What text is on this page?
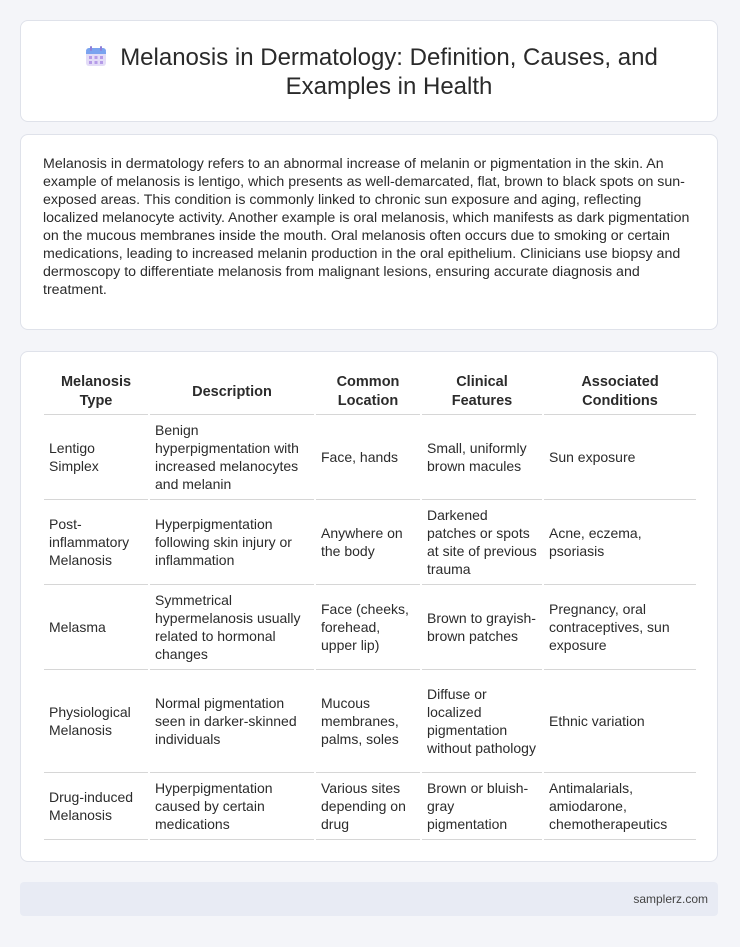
Melanosis in Dermatology: Definition, Causes, and Examples in Health

Melanosis in dermatology refers to an abnormal increase of melanin or pigmentation in the skin. An example of melanosis is lentigo, which presents as well-demarcated, flat, brown to black spots on sun-exposed areas. This condition is commonly linked to chronic sun exposure and aging, reflecting localized melanocyte activity. Another example is oral melanosis, which manifests as dark pigmentation on the mucous membranes inside the mouth. Oral melanosis often occurs due to smoking or certain medications, leading to increased melanin production in the oral epithelium. Clinicians use biopsy and dermoscopy to differentiate melanosis from malignant lesions, ensuring accurate diagnosis and treatment.

Melanosis Type	Description	Common Location	Clinical Features	Associated Conditions
Lentigo Simplex	Benign hyperpigmentation with increased melanocytes and melanin	Face, hands	Small, uniformly brown macules	Sun exposure
Post-inflammatory Melanosis	Hyperpigmentation following skin injury or inflammation	Anywhere on the body	Darkened patches or spots at site of previous trauma	Acne, eczema, psoriasis
Melasma	Symmetrical hypermelanosis usually related to hormonal changes	Face (cheeks, forehead, upper lip)	Brown to grayish-brown patches	Pregnancy, oral contraceptives, sun exposure
Physiological Melanosis	Normal pigmentation seen in darker-skinned individuals	Mucous membranes, palms, soles	Diffuse or localized pigmentation without pathology	Ethnic variation
Drug-induced Melanosis	Hyperpigmentation caused by certain medications	Various sites depending on drug	Brown or bluish-gray pigmentation	Antimalarials, amiodarone, chemotherapeutics
samplerz.com
